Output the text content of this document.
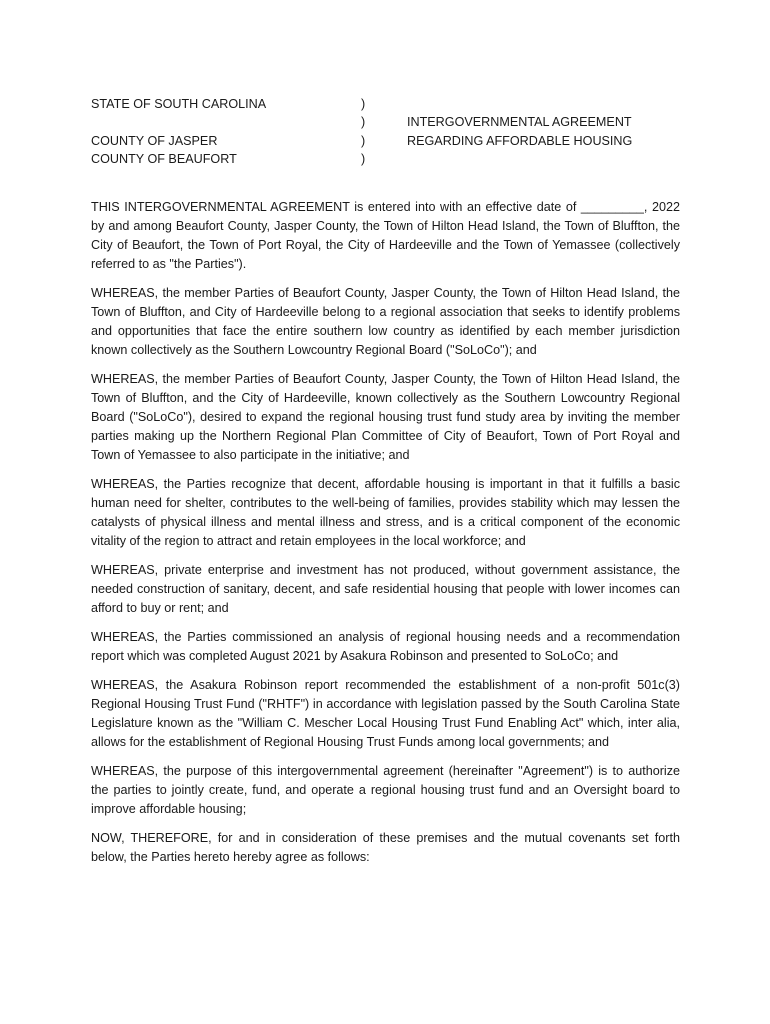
STATE OF SOUTH CAROLINA
COUNTY OF JASPER
COUNTY OF BEAUFORT
)
)
)
)
INTERGOVERNMENTAL AGREEMENT
REGARDING AFFORDABLE HOUSING

THIS INTERGOVERNMENTAL AGREEMENT is entered into with an effective date of _________, 2022 by and among Beaufort County, Jasper County, the Town of Hilton Head Island, the Town of Bluffton, the City of Beaufort, the Town of Port Royal, the City of Hardeeville and the Town of Yemassee (collectively referred to as "the Parties").

WHEREAS, the member Parties of Beaufort County, Jasper County, the Town of Hilton Head Island, the Town of Bluffton, and City of Hardeeville belong to a regional association that seeks to identify problems and opportunities that face the entire southern low country as identified by each member jurisdiction known collectively as the Southern Lowcountry Regional Board ("SoLoCo"); and

WHEREAS, the member Parties of Beaufort County, Jasper County, the Town of Hilton Head Island, the Town of Bluffton, and the City of Hardeeville, known collectively as the Southern Lowcountry Regional Board ("SoLoCo"), desired to expand the regional housing trust fund study area by inviting the member parties making up the Northern Regional Plan Committee of City of Beaufort, Town of Port Royal and Town of Yemassee to also participate in the initiative; and

WHEREAS, the Parties recognize that decent, affordable housing is important in that it fulfills a basic human need for shelter, contributes to the well-being of families, provides stability which may lessen the catalysts of physical illness and mental illness and stress, and is a critical component of the economic vitality of the region to attract and retain employees in the local workforce; and

WHEREAS, private enterprise and investment has not produced, without government assistance, the needed construction of sanitary, decent, and safe residential housing that people with lower incomes can afford to buy or rent; and

WHEREAS, the Parties commissioned an analysis of regional housing needs and a recommendation report which was completed August 2021 by Asakura Robinson and presented to SoLoCo; and

WHEREAS, the Asakura Robinson report recommended the establishment of a non-profit 501c(3) Regional Housing Trust Fund ("RHTF") in accordance with legislation passed by the South Carolina State Legislature known as the "William C. Mescher Local Housing Trust Fund Enabling Act" which, inter alia, allows for the establishment of Regional Housing Trust Funds among local governments; and

WHEREAS, the purpose of this intergovernmental agreement (hereinafter "Agreement") is to authorize the parties to jointly create, fund, and operate a regional housing trust fund and an Oversight board to improve affordable housing;

NOW, THEREFORE, for and in consideration of these premises and the mutual covenants set forth below, the Parties hereto hereby agree as follows:
